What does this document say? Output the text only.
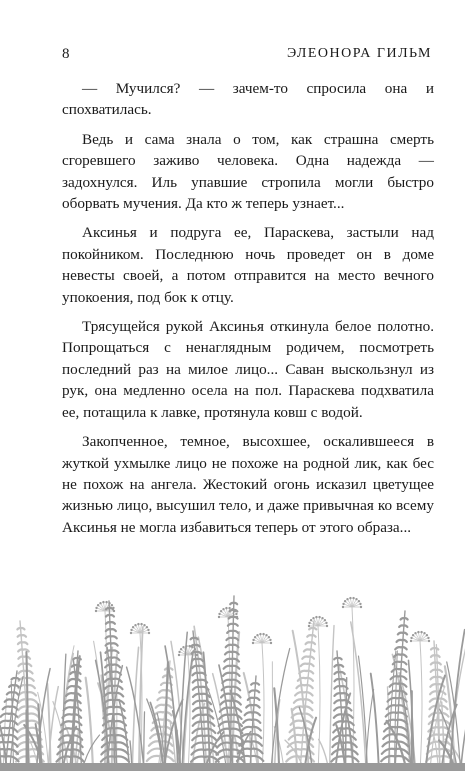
8	ЭЛЕОНОРА ГИЛЬМ

— Мучился? — зачем-то спросила она и спохватилась.

Ведь и сама знала о том, как страшна смерть сгоревшего заживо человека. Одна надежда — задохнулся. Иль упавшие стропила могли быстро оборвать мучения. Да кто ж теперь узнает...

Аксинья и подруга ее, Параскева, застыли над покойником. Последнюю ночь проведет он в доме невесты своей, а потом отправится на место вечного упокоения, под бок к отцу.

Трясущейся рукой Аксинья откинула белое полотно. Попрощаться с ненаглядным родичем, посмотреть последний раз на милое лицо... Саван выскользнул из рук, она медленно осела на пол. Параскева подхватила ее, потащила к лавке, протянула ковш с водой.

Закопченное, темное, высохшее, оскалившееся в жуткой ухмылке лицо не похоже на родной лик, как бес не похож на ангела. Жестокий огонь исказил цветущее жизнью лицо, высушил тело, и даже привычная ко всему Аксинья не могла избавиться теперь от этого образа...
